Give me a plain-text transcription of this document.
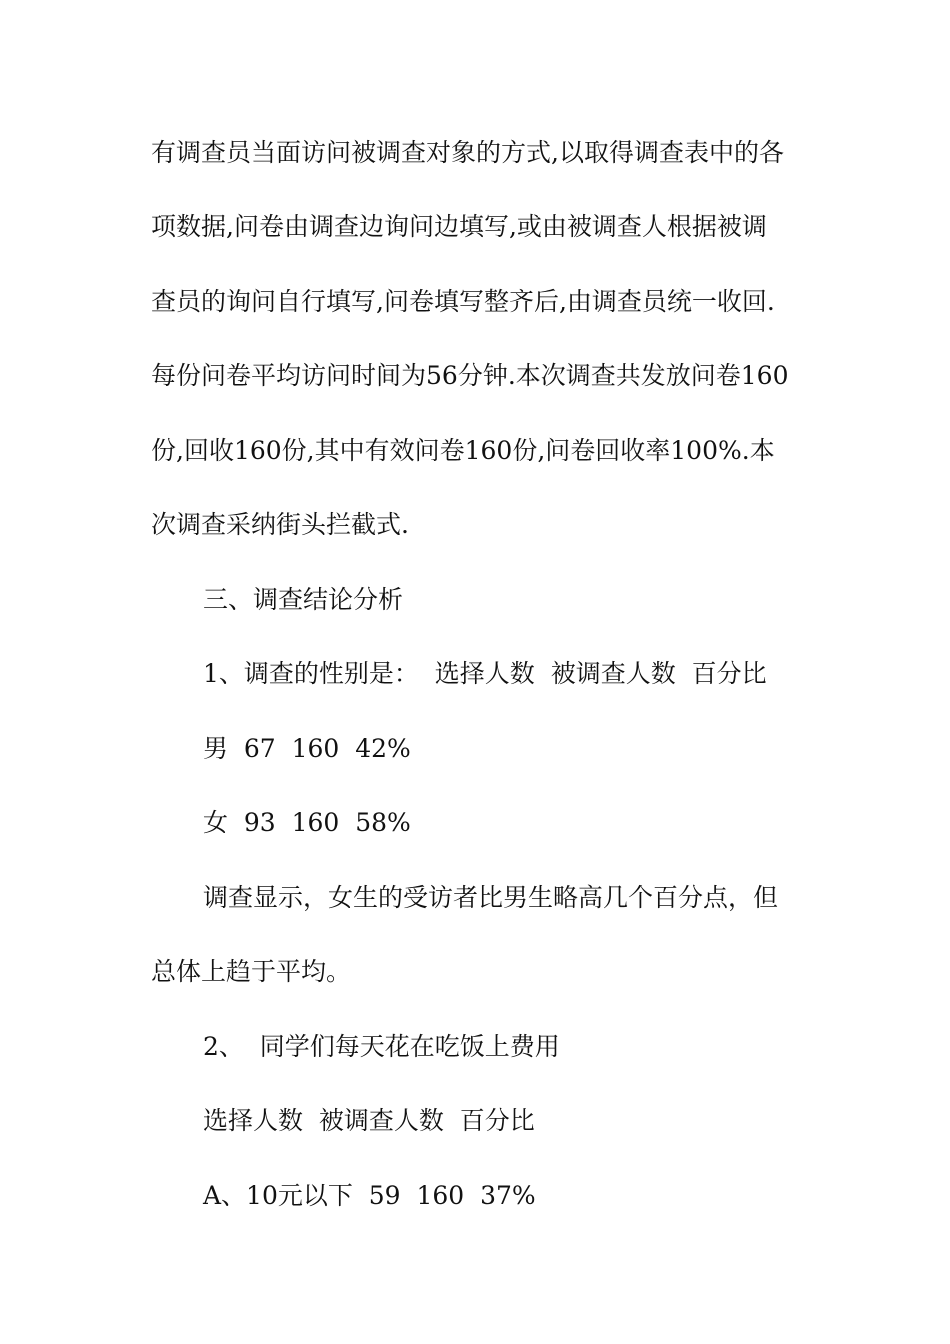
有调查员当面访问被调查对象的方式,以取得调查表中的各

项数据,问卷由调查边询问边填写,或由被调查人根据被调

查员的询问自行填写,问卷填写整齐后,由调查员统一收回.

每份问卷平均访问时间为56分钟.本次调查共发放问卷160

份,回收160份,其中有效问卷160份,问卷回收率100%.本

次调查采纳街头拦截式.

三、调查结论分析

1、调查的性别是：  选择人数  被调查人数  百分比

男  67  160  42%

女  93  160  58%

调查显示，女生的受访者比男生略高几个百分点，但

总体上趋于平均。

2、  同学们每天花在吃饭上费用

选择人数  被调查人数  百分比

A、10元以下  59  160  37%
